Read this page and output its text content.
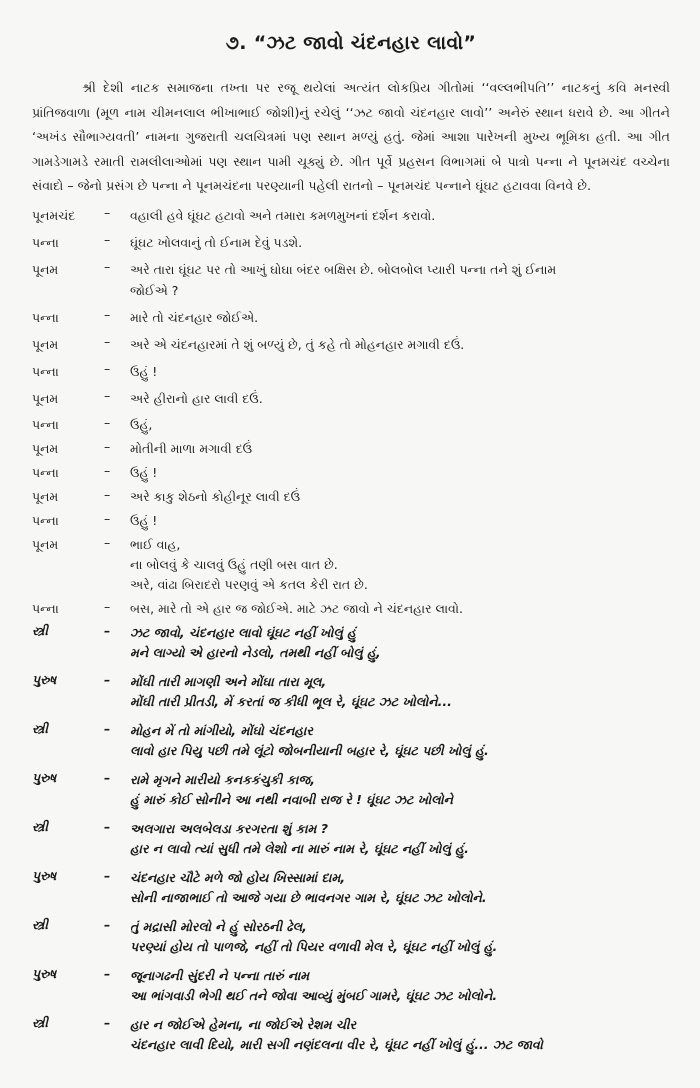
૭. “ઝટ જાવો ચંદનહાર લાવો”

શ્રી દેશી નાટક સમાજના તખ્તા પર રજૂ થયેલાં અત્યંત લોકપ્રિય ગીતોમાં ‘‘વલ્લભીપતિ’’ નાટકનું કવિ મનસ્વી પ્રાંતિજવાળા (મૂળ નામ ચીમનલાલ ભીખાભાઈ જોશી)નું રચેલું ‘‘ઝટ જાવો ચંદનહાર લાવો’’ અનેરું સ્થાન ધરાવે છે. આ ગીતને ‘અખંડ સૌભાગ્યવતી’ નામના ગુજરાતી ચલચિત્રમાં પણ સ્થાન મળ્યું હતું. જેમાં આશા પારેખની મુખ્ય ભૂમિકા હતી. આ ગીત ગામડેગામડે રમાતી રામલીલાઓમાં પણ સ્થાન પામી ચૂક્યું છે. ગીત પૂર્વે પ્રહસન વિભાગમાં બે પાત્રો પન્ના ને પૂનમચંદ વચ્ચેના સંવાદો – જેનો પ્રસંગ છે પન્ના ને પૂનમચંદના પરણ્યાની પહેલી રાતનો – પૂનમચંદ પન્નાને ઘૂંઘટ હટાવવા વિનવે છે.

પૂનમચંદ	–	વહાલી હવે ઘૂંઘટ હટાવો અને તમારા કમળમુખનાં દર્શન કરાવો.
પન્ના	–	ઘૂંઘટ ખોલવાનું તો ઈનામ દેવું પડશે.
પૂનમ	–	અરે તારા ઘૂંઘટ પર તો આખું ઘોઘા બંદર બક્ષિસ છે. બોલબોલ પ્યારી પન્ના તને શું ઈનામ
જોઈએ ?
પન્ના	–	મારે તો ચંદનહાર જોઈએ.
પૂનમ	–	અરે એ ચંદનહારમાં તે શું બળ્યું છે, તું કહે તો મોહનહાર મગાવી દઉં.
પન્ના	–	ઉહું !
પૂનમ	–	અરે હીરાનો હાર લાવી દઉં.
પન્ના	–	ઉહું,
પૂનમ	–	મોતીની માળા મગાવી દઉં
પન્ના	–	ઉહું !
પૂનમ	–	અરે કાકુ શેઠનો કોહીનૂર લાવી દઉં
પન્ના	–	ઉહું !
પૂનમ	–	ભાઈ વાહ,
ના બોલવું કે ચાલવું ઉહું તણી બસ વાત છે.
અરે, વાંઢા બિરાદરો પરણવું એ કતલ કેરી રાત છે.
પન્ના	–	બસ, મારે તો એ હાર જ જોઈએ. માટે ઝટ જાવો ને ચંદનહાર લાવો.
સ્ત્રી	–	ઝટ જાવો, ચંદનહાર લાવો ઘૂંઘટ નહીં ખોલું હું
મને લાગ્યો એ હારનો નેડલો, તમથી નહીં બોલું હું,
પુરુષ	–	મોંઘી તારી માગણી અને મોંઘા તારા મૂલ,
મોંઘી તારી પ્રીતડી, મેં કરતાં જ કીધી ભૂલ રે, ઘૂંઘટ ઝટ ખોલોને...
સ્ત્રી	–	મોહન મેં તો માંગીયો, મોંઘો ચંદનહાર
લાવો હાર પિયુ પછી તમે લૂંટો જોબનીયાની બહાર રે, ઘૂંઘટ પછી ખોલું હું.
પુરુષ	–	રામે મૃગને મારીયો કનકકંચુકી કાજ,
હું મારું કોઈ સોનીને આ નથી નવાબી રાજ રે ! ઘૂંઘટ ઝટ ખોલોને
સ્ત્રી	–	અલગારા અલબેલડા કરગરતા શું કામ ?
હાર ન લાવો ત્યાં સુધી તમે લેશો ના મારું નામ રે, ઘૂંઘટ નહીં ખોલું હું.
પુરુષ	–	ચંદનહાર ચૌટે મળે જો હોય ખિસ્સામાં દામ,
સોની નાજાભાઈ તો આજે ગયા છે ભાવનગર ગામ રે, ઘૂંઘટ ઝટ ખોલોને.
સ્ત્રી	–	તું મદ્રાસી મોરલો ને હું સોરઠની ઢેલ,
પરણ્યાં હોય તો પાળજે, નહીં તો પિયર વળાવી મેલ રે, ઘૂંઘટ નહીં ખોલું હું.
પુરુષ	–	જૂનાગઢની સુંદરી ને પન્ના તારું નામ
આ ભાંગવાડી ભેગી થઈ તને જોવા આવ્યું મુંબઈ ગામરે, ઘૂંઘટ ઝટ ખોલોને.
સ્ત્રી	–	હાર ન જોઈએ હેમના, ના જોઈએ રેશમ ચીર
ચંદનહાર લાવી દિયો, મારી સગી નણંદલના વીર રે, ઘૂંઘટ નહીં ખોલું હું... ઝટ જાવો
